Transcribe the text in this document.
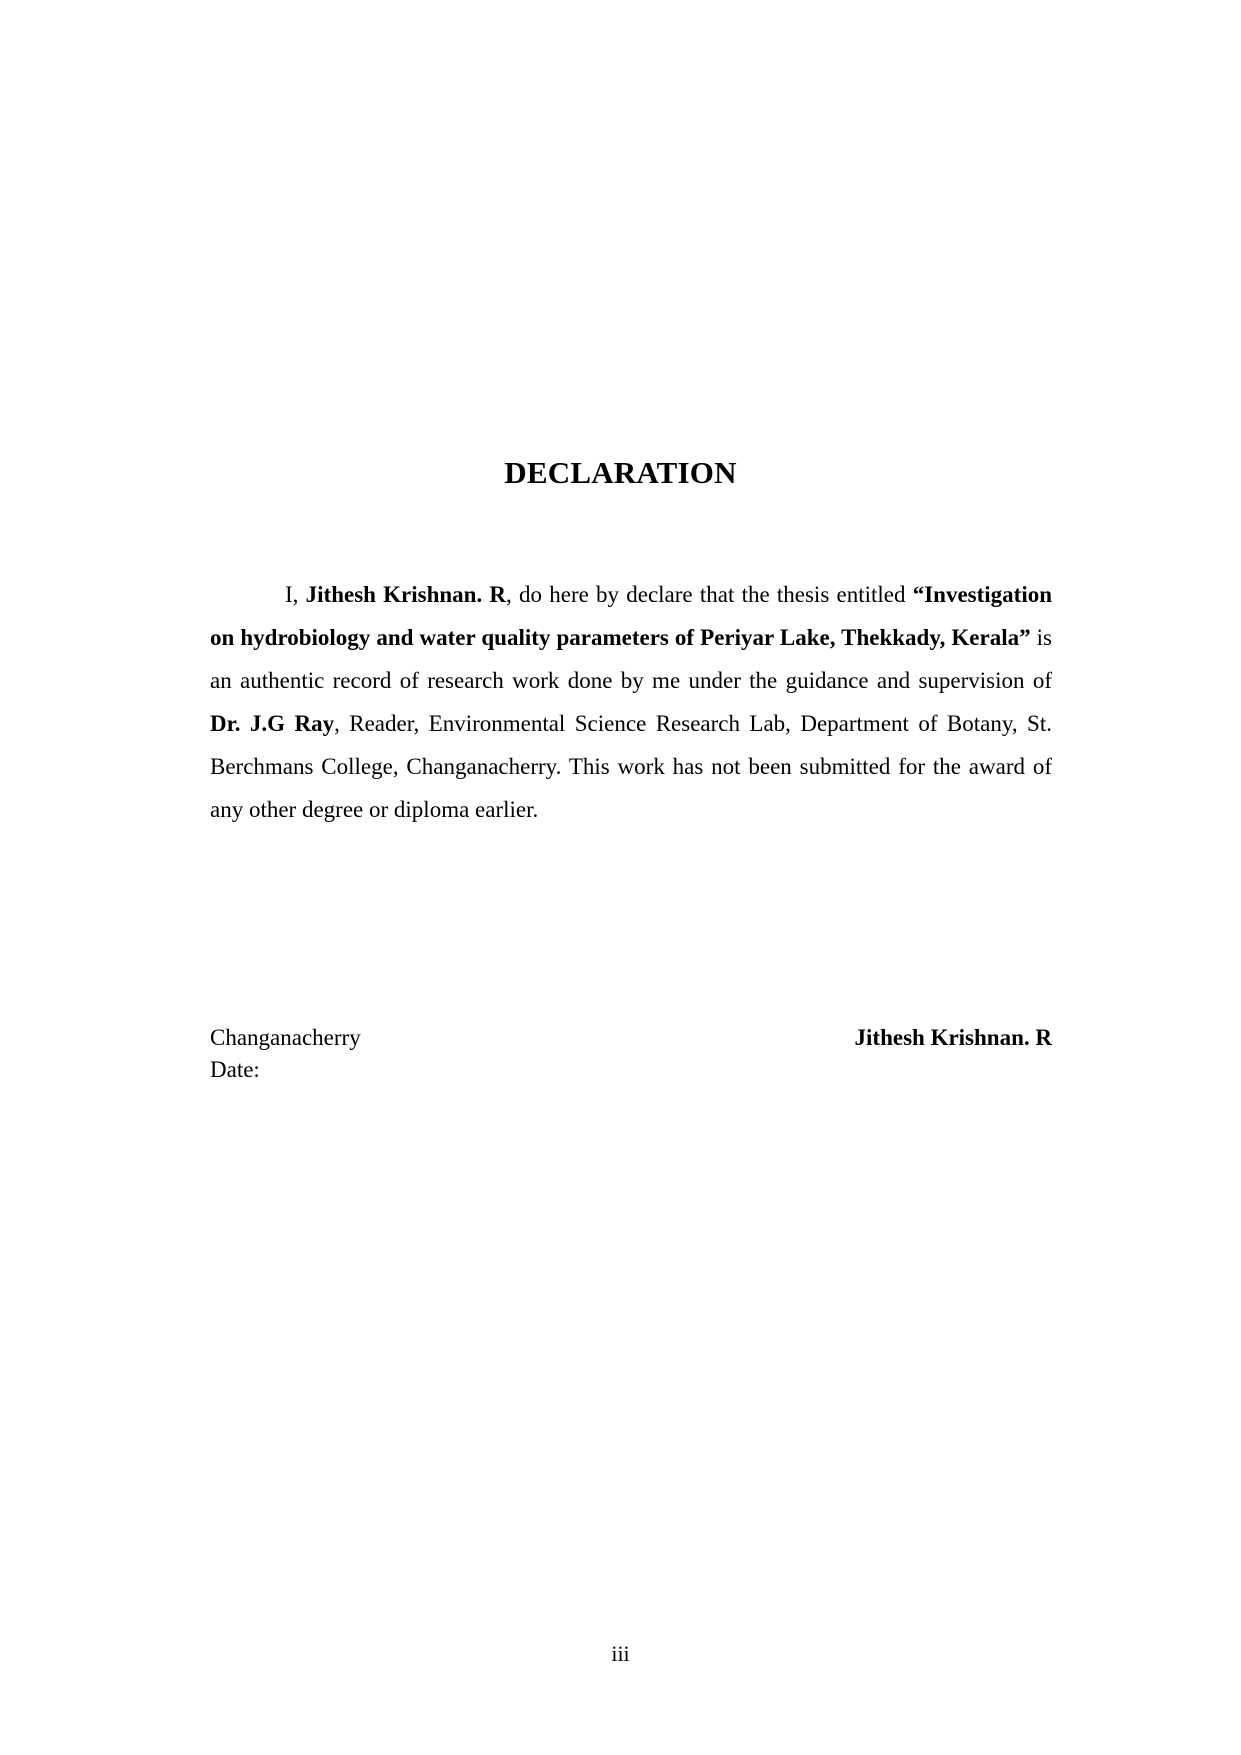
DECLARATION

I, Jithesh Krishnan. R, do here by declare that the thesis entitled “Investigation on hydrobiology and water quality parameters of Periyar Lake, Thekkady, Kerala” is an authentic record of research work done by me under the guidance and supervision of Dr. J.G Ray, Reader, Environmental Science Research Lab, Department of Botany, St. Berchmans College, Changanacherry. This work has not been submitted for the award of any other degree or diploma earlier.

Changanacherry
Date:
Jithesh Krishnan. R
iii
